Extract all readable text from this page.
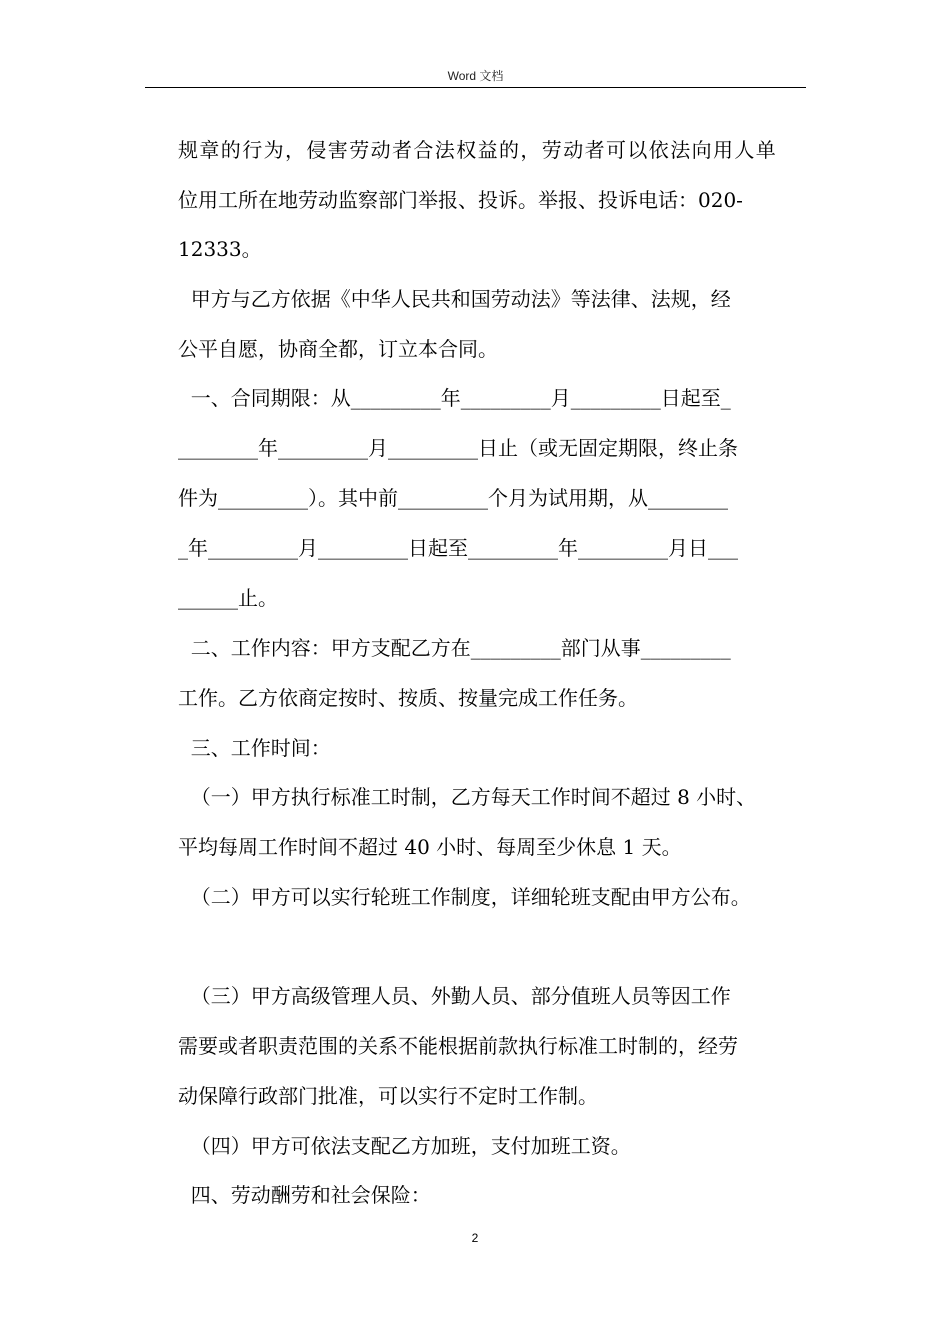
Word 文档
规章的行为，侵害劳动者合法权益的，劳动者可以依法向用人单
位用工所在地劳动监察部门举报、投诉。举报、投诉电话：020-
12333。
甲方与乙方依据《中华人民共和国劳动法》等法律、法规，经
公平自愿，协商全都，订立本合同。
一、合同期限：从_________年_________月_________日起至_
________年_________月_________日止（或无固定期限，终止条
件为_________）。其中前_________个月为试用期，从________
_年_________月_________日起至_________年_________月日___
______止。
二、工作内容：甲方支配乙方在_________部门从事_________
工作。乙方依商定按时、按质、按量完成工作任务。
三、工作时间：
（一）甲方执行标准工时制，乙方每天工作时间不超过 8 小时、
平均每周工作时间不超过 40 小时、每周至少休息 1 天。
（二）甲方可以实行轮班工作制度，详细轮班支配由甲方公布。
（三）甲方高级管理人员、外勤人员、部分值班人员等因工作
需要或者职责范围的关系不能根据前款执行标准工时制的，经劳
动保障行政部门批准，可以实行不定时工作制。
（四）甲方可依法支配乙方加班，支付加班工资。
四、劳动酬劳和社会保险：
2
